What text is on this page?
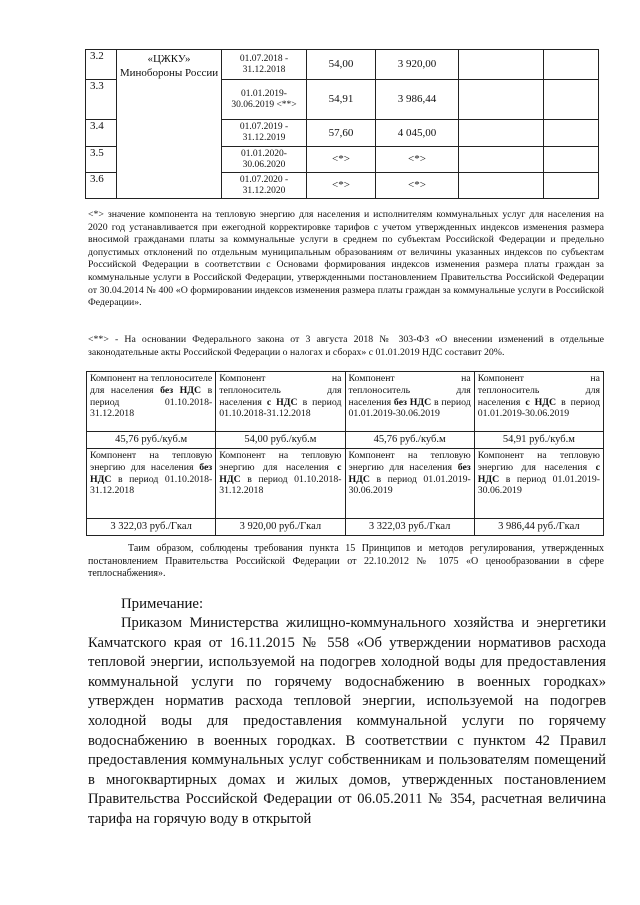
3.2	«ЦЖКУ» Минобороны России	01.07.2018 - 31.12.2018	54,00	3 920,00		
3.3		01.01.2019- 30.06.2019 <**>	54,91	3 986,44		
3.4		01.07.2019 - 31.12.2019	57,60	4 045,00		
3.5		01.01.2020- 30.06.2020	<*>	<*>		
3.6		01.07.2020 - 31.12.2020	<*>	<*>		
<*> значение компонента на тепловую энергию для населения и исполнителям коммунальных услуг для населения на 2020 год устанавливается при ежегодной корректировке тарифов с учетом утвержденных индексов изменения размера вносимой гражданами платы за коммунальные услуги в среднем по субъектам Российской Федерации и предельно допустимых отклонений по отдельным муниципальным образованиям от величины указанных индексов по субъектам Российской Федерации в соответствии с Основами формирования индексов изменения размера платы граждан за коммунальные услуги в Российской Федерации, утвержденными постановлением Правительства Российской Федерации от 30.04.2014 № 400 «О формировании индексов изменения размера платы граждан за коммунальные услуги в Российской Федерации».
<**> - На основании Федерального закона от 3 августа 2018 № 303-ФЗ «О внесении изменений в отдельные законодательные акты Российской Федерации о налогах и сборах» с 01.01.2019 НДС составит 20%.
Компонент на теплоносителе для населения без НДС в период 01.10.2018-31.12.2018	Компонент на теплоноситель для населения с НДС в период 01.10.2018-31.12.2018	Компонент на теплоноситель для населения без НДС в период 01.01.2019-30.06.2019	Компонент на теплоноситель для населения с НДС в период 01.01.2019-30.06.2019
45,76 руб./куб.м	54,00 руб./куб.м	45,76 руб./куб.м	54,91 руб./куб.м
Компонент на тепловую энергию для населения без НДС в период 01.10.2018-31.12.2018	Компонент на тепловую энергию для населения с НДС в период 01.10.2018-31.12.2018	Компонент на тепловую энергию для населения без НДС в период 01.01.2019-30.06.2019	Компонент на тепловую энергию для населения с НДС в период 01.01.2019-30.06.2019
3 322,03 руб./Гкал	3 920,00 руб./Гкал	3 322,03 руб./Гкал	3 986,44 руб./Гкал
Таим образом, соблюдены требования пункта 15 Принципов и методов регулирования, утвержденных постановлением Правительства Российской Федерации от 22.10.2012 № 1075 «О ценообразовании в сфере теплоснабжения».
Примечание:
Приказом Министерства жилищно-коммунального хозяйства и энергетики Камчатского края от 16.11.2015 № 558 «Об утверждении нормативов расхода тепловой энергии, используемой на подогрев холодной воды для предоставления коммунальной услуги по горячему водоснабжению в военных городках» утвержден норматив расхода тепловой энергии, используемой на подогрев холодной воды для предоставления коммунальной услуги по горячему водоснабжению в военных городках. В соответствии с пунктом 42 Правил предоставления коммунальных услуг собственникам и пользователям помещений в многоквартирных домах и жилых домов, утвержденных постановлением Правительства Российской Федерации от 06.05.2011 № 354, расчетная величина тарифа на горячую воду в открытой
